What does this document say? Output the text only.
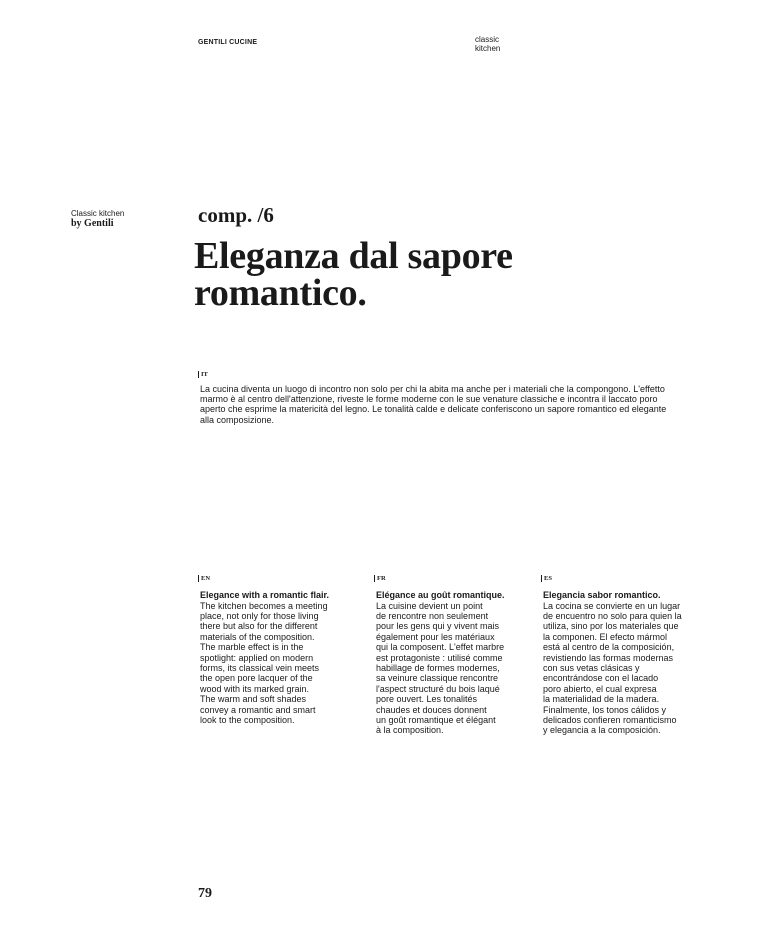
GENTILI CUCINE	classic
kitchen
Classic kitchen
by Gentili	comp. /6
Eleganza dal sapore
romantico.
IT

La cucina diventa un luogo di incontro non solo per chi la abita ma anche per i materiali che la compongono. L'effetto marmo è al centro dell'attenzione, riveste le forme moderne con le sue venature classiche e incontra il laccato poro aperto che esprime la matericità del legno. Le tonalità calde e delicate conferiscono un sapore romantico ed elegante alla composizione.

EN
Elegance with a romantic flair.

The kitchen becomes a meeting
place, not only for those living
there but also for the different
materials of the composition.
The marble effect is in the
spotlight: applied on modern
forms, its classical vein meets
the open pore lacquer of the
wood with its marked grain.
The warm and soft shades
convey a romantic and smart
look to the composition.

FR
Elégance au goût romantique.

La cuisine devient un point
de rencontre non seulement
pour les gens qui y vivent mais
également pour les matériaux
qui la composent. L'effet marbre
est protagoniste : utilisé comme
habillage de formes modernes,
sa veinure classique rencontre
l'aspect structuré du bois laqué
pore ouvert. Les tonalités
chaudes et douces donnent
un goût romantique et élégant
à la composition.

ES
Elegancia sabor romantico.

La cocina se convierte en un lugar
de encuentro no solo para quien la
utiliza, sino por los materiales que
la componen. El efecto mármol
está al centro de la composición,
revistiendo las formas modernas
con sus vetas clásicas y
encontrándose con el lacado
poro abierto, el cual expresa
la materialidad de la madera.
Finalmente, los tonos cálidos y
delicados confieren romanticismo
y elegancia a la composición.

79
